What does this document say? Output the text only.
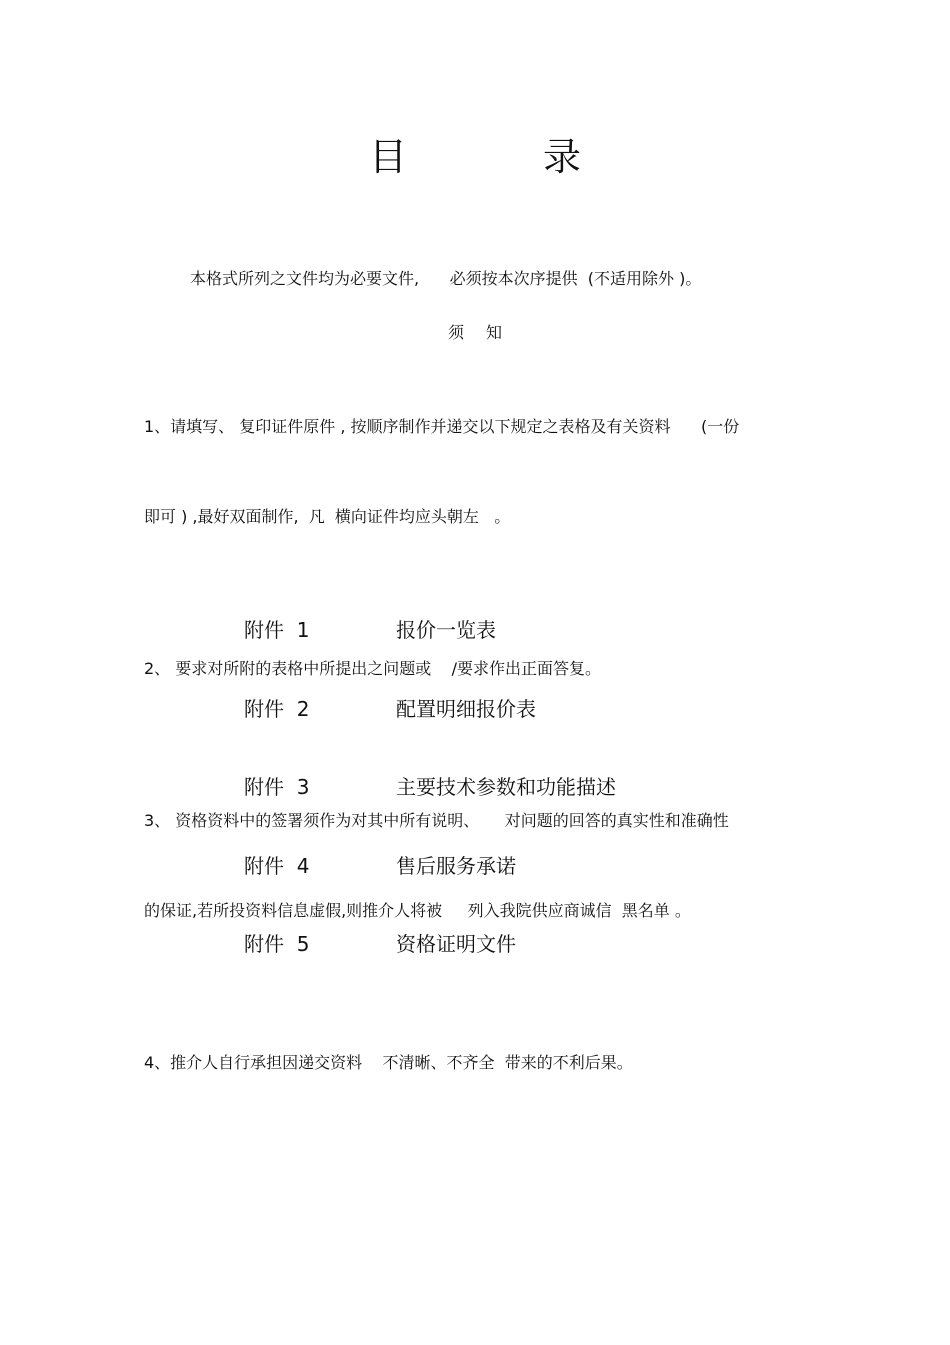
目 录
本格式所列之文件均为必要文件,      必须按本次序提供  (不适用除外 )。
须知

1、请填写、 复印证件原件 , 按顺序制作并递交以下规定之表格及有关资料      (一份

即可 ) ,最好双面制作,  凡  横向证件均应头朝左   。

2、 要求对所附的表格中所提出之问题或    /要求作出正面答复。

3、 资格资料中的签署须作为对其中所有说明、     对问题的回答的真实性和准确性

的保证,若所投资料信息虚假,则推介人将被     列入我院供应商诚信  黑名单 。

4、推介人自行承担因递交资料    不清晰、不齐全  带来的不利后果。

附件  1	报价一览表
附件  2	配置明细报价表
附件  3	主要技术参数和功能描述
附件  4	售后服务承诺
附件  5	资格证明文件
